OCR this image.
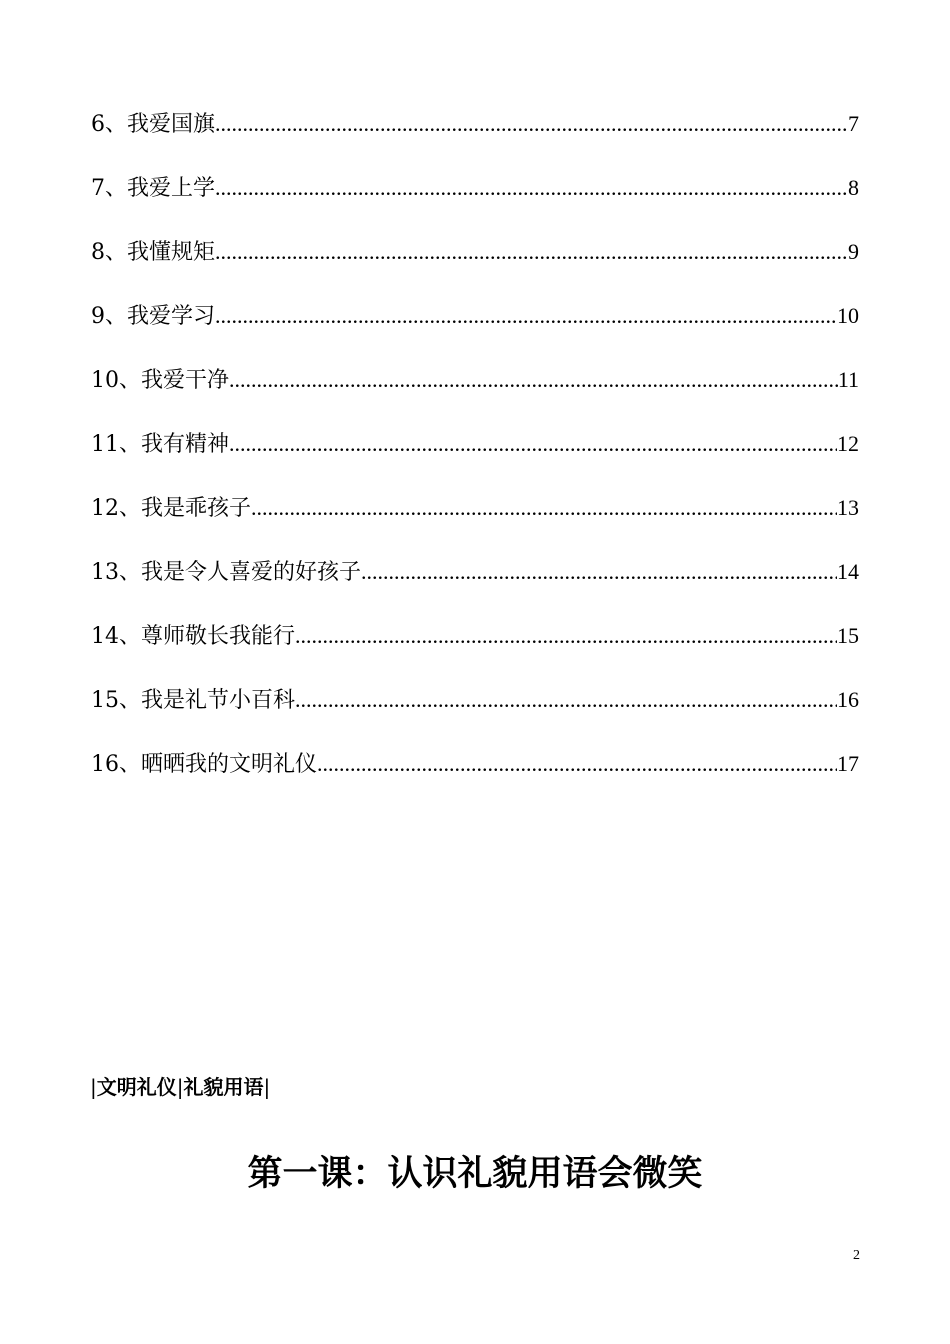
6、我爱国旗 .....	7
7、我爱上学 .....	8
8、我懂规矩 .....	9
9、我爱学习 .....	10
10、我爱干净 .....	11
11、我有精神 .....	12
12、我是乖孩子 .....	13
13、我是令人喜爱的好孩子 .....	14
14、尊师敬长我能行 .....	15
15、我是礼节小百科 .....	16
16、晒晒我的文明礼仪 .....	17
|文明礼仪|礼貌用语|
第一课：认识礼貌用语会微笑
2
